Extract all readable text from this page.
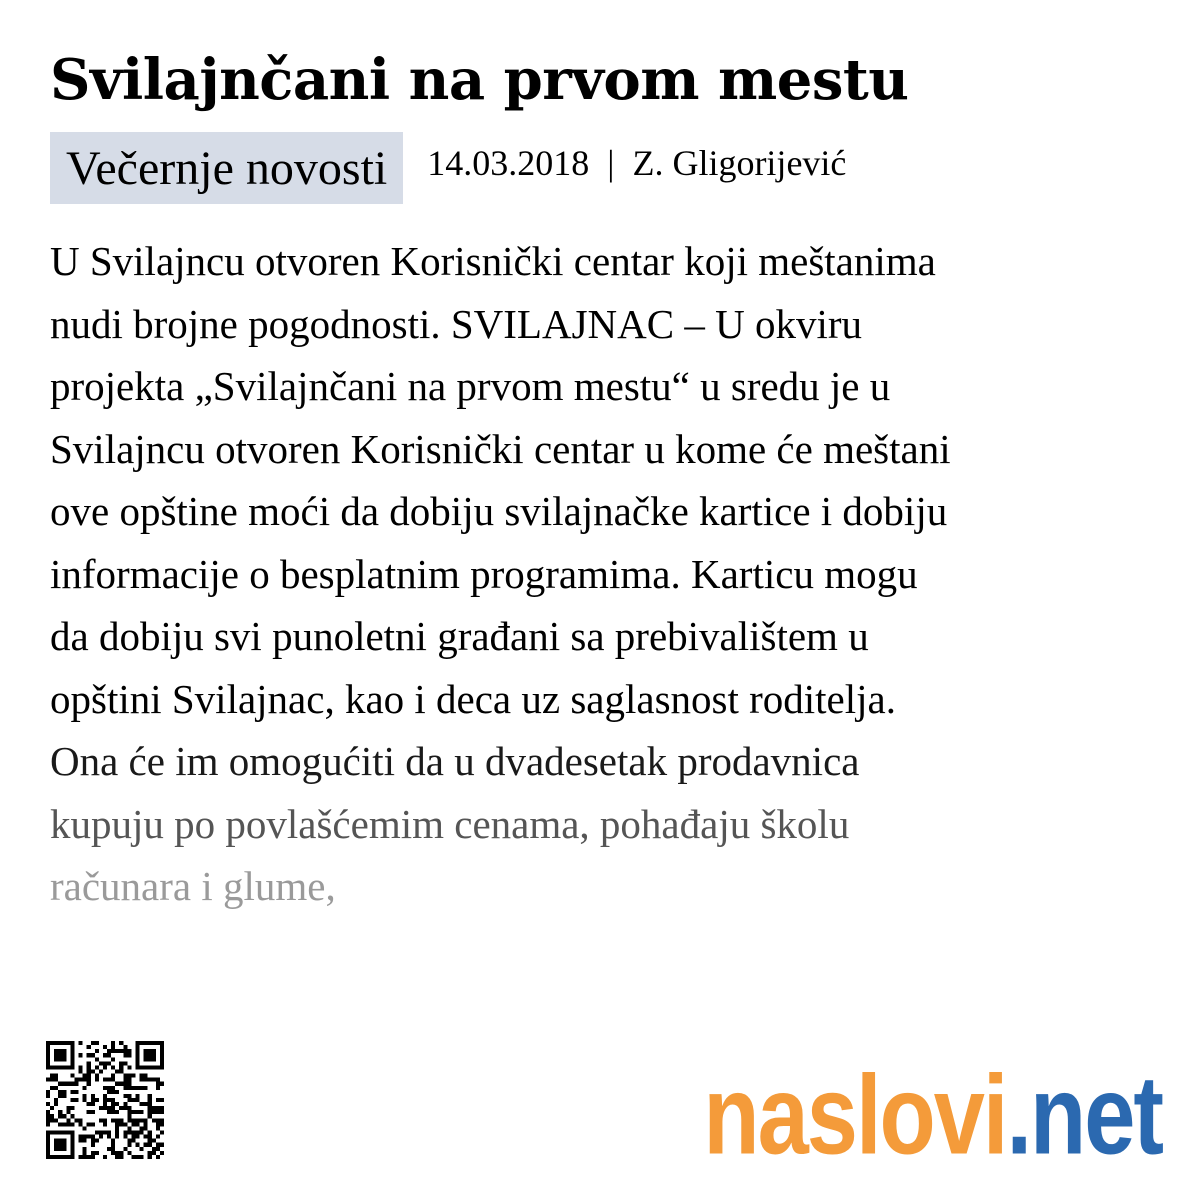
Svilajnčani na prvom mestu
Večernje novosti 14.03.2018 | Z. Gligorijević

U Svilajncu otvoren Korisnički centar koji meštanima

nudi brojne pogodnosti. SVILAJNAC – U okviru

projekta „Svilajnčani na prvom mestu“ u sredu je u

Svilajncu otvoren Korisnički centar u kome će meštani

ove opštine moći da dobiju svilajnačke kartice i dobiju

informacije o besplatnim programima. Karticu mogu

da dobiju svi punoletni građani sa prebivalištem u

opštini Svilajnac, kao i deca uz saglasnost roditelja.

Ona će im omogućiti da u dvadesetak prodavnica

kupuju po povlašćemim cenama, pohađaju školu

računara i glume,

naslovi .net
